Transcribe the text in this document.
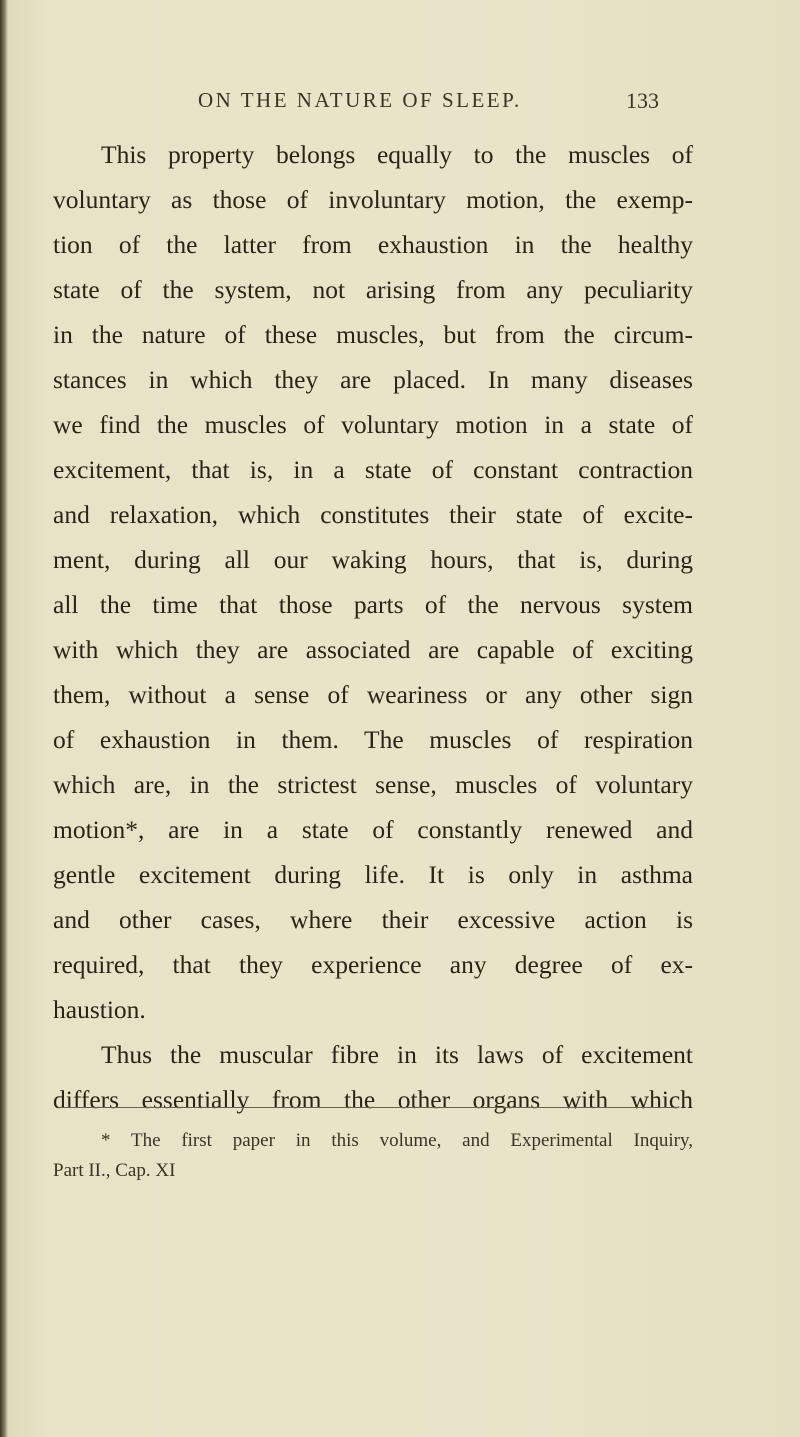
ON THE NATURE OF SLEEP.	133
This property belongs equally to the muscles of
voluntary as those of involuntary motion, the exemp-
tion of the latter from exhaustion in the healthy
state of the system, not arising from any peculiarity
in the nature of these muscles, but from the circum-
stances in which they are placed. In many diseases
we find the muscles of voluntary motion in a state of
excitement, that is, in a state of constant contraction
and relaxation, which constitutes their state of excite-
ment, during all our waking hours, that is, during
all the time that those parts of the nervous system
with which they are associated are capable of exciting
them, without a sense of weariness or any other sign
of exhaustion in them. The muscles of respiration
which are, in the strictest sense, muscles of voluntary
motion*, are in a state of constantly renewed and
gentle excitement during life. It is only in asthma
and other cases, where their excessive action is
required, that they experience any degree of ex-
haustion.
Thus the muscular fibre in its laws of excitement
differs essentially from the other organs with which
* The first paper in this volume, and Experimental Inquiry,
Part II., Cap. XI
